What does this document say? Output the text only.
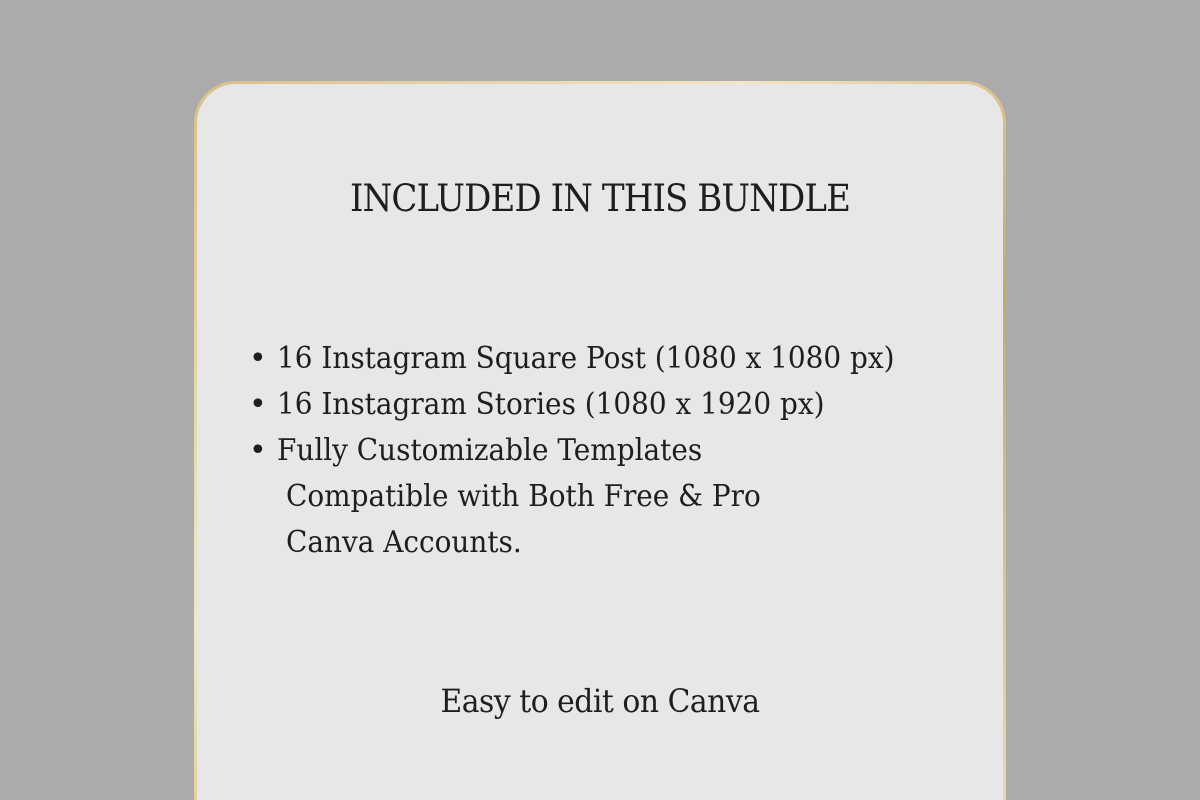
INCLUDED IN THIS BUNDLE
• 16 Instagram Square Post (1080 x 1080 px)
• 16 Instagram Stories (1080 x 1920 px)
• Fully Customizable Templates
Compatible with Both Free & Pro
Canva Accounts.
Easy to edit on Canva
